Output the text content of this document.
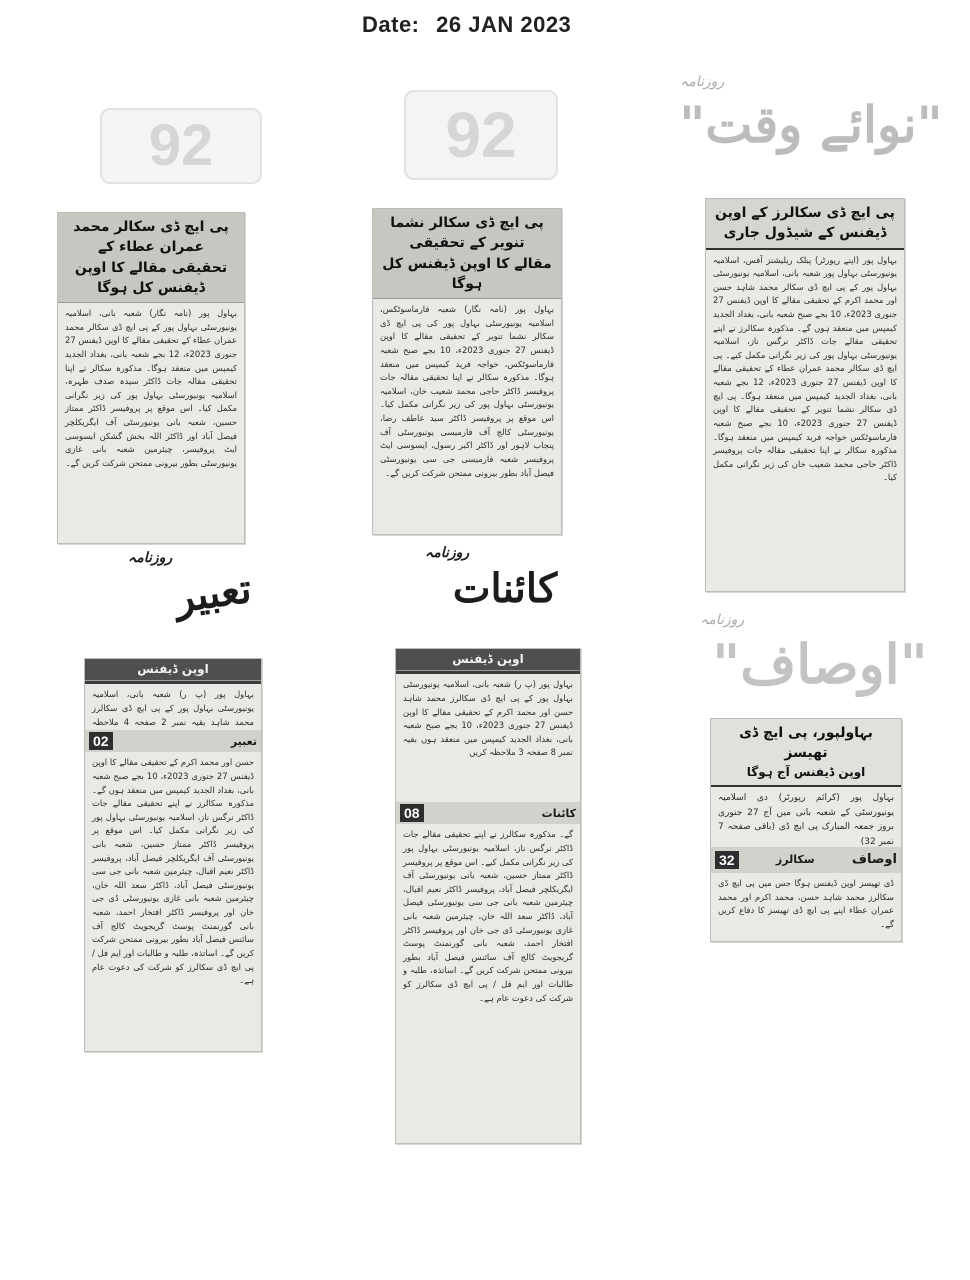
Date: 26 JAN 2023
92	92
روزنامہ
"نوائے وقت"
پی ایچ ڈی سکالر محمد عمران عطاء کے
تحقیقی مقالے کا اوپن ڈیفنس کل ہوگا
بہاول پور (نامہ نگار) شعبہ بانی، اسلامیہ یونیورسٹی بہاول پور کے پی ایچ ڈی سکالر محمد عمران عطاء کے تحقیقی مقالے کا اوپن ڈیفنس 27 جنوری 2023ء، 12 بجے شعبہ بانی، بغداد الجدید کیمپس میں منعقد ہوگا۔ مذکورہ سکالر نے اپنا تحقیقی مقالہ جات ڈاکٹر سیدہ صدف ظہرہ، اسلامیہ یونیورسٹی بہاول پور کی زیر نگرانی مکمل کیا۔ اس موقع پر پروفیسر ڈاکٹر ممتاز حسین، شعبہ بانی یونیورسٹی آف ایگریکلچر فیصل آباد اور ڈاکٹر اللہ بخش گشکن ایسوسی ایٹ پروفیسر، چیئرمین شعبہ بانی غازی یونیورسٹی بطور بیرونی ممتحن شرکت کریں گے۔
پی ایچ ڈی سکالر نشما تنویر کے تحقیقی
مقالے کا اوپن ڈیفنس کل ہوگا
بہاول پور (نامہ نگار) شعبہ فارماسوٹکس، اسلامیہ یونیورسٹی بہاول پور کی پی ایچ ڈی سکالر نشما تنویر کے تحقیقی مقالے کا اوپن ڈیفنس 27 جنوری 2023ء، 10 بجے صبح شعبہ فارماسوٹکس، خواجہ فرید کیمپس میں منعقد ہوگا۔ مذکورہ سکالر نے اپنا تحقیقی مقالہ جات پروفیسر ڈاکٹر حاجی محمد شعیب خان، اسلامیہ یونیورسٹی بہاول پور کی زیر نگرانی مکمل کیا۔ اس موقع پر پروفیسر ڈاکٹر سید عاطف رضا، یونیورسٹی کالج آف فارمیسی یونیورسٹی آف پنجاب لاہور اور ڈاکٹر اکبر رسول، ایسوسی ایٹ پروفیسر شعبہ فارمیسی جی سی یونیورسٹی فیصل آباد بطور بیرونی ممتحن شرکت کریں گے۔
پی ایچ ڈی سکالرز کے اوپن
ڈیفنس کے شیڈول جاری
بہاول پور (اپنے رپورٹر) پبلک ریلیشنز آفس، اسلامیہ یونیورسٹی بہاول پور شعبہ بانی، اسلامیہ یونیورسٹی بہاول پور کے پی ایچ ڈی سکالر محمد شاہد حسن اور محمد اکرم کے تحقیقی مقالے کا اوپن ڈیفنس 27 جنوری 2023ء، 10 بجے صبح شعبہ بانی، بغداد الجدید کیمپس میں منعقد ہوں گے۔ مذکورہ سکالرز نے اپنے تحقیقی مقالے جات ڈاکٹر نرگس ناز، اسلامیہ یونیورسٹی بہاول پور کی زیر نگرانی مکمل کیے۔ پی ایچ ڈی سکالر محمد عمران عطاء کے تحقیقی مقالے کا اوپن ڈیفنس 27 جنوری 2023ء، 12 بجے شعبہ بانی، بغداد الجدید کیمپس میں منعقد ہوگا۔ پی ایچ ڈی سکالر نشما تنویر کے تحقیقی مقالے کا اوپن ڈیفنس 27 جنوری 2023ء، 10 بجے صبح شعبہ فارماسوٹکس خواجہ فرید کیمپس میں منعقد ہوگا۔ مذکورہ سکالر نے اپنا تحقیقی مقالہ جات پروفیسر ڈاکٹر حاجی محمد شعیب خان کی زیر نگرانی مکمل کیا۔
روزنامہ
تعبیر
روزنامہ
کائنات
روزنامہ
"اوصاف"
اوپن ڈیفنس
بہاول پور (پ ر) شعبہ بانی، اسلامیہ یونیورسٹی بہاول پور کے پی ایچ ڈی سکالرز محمد شاہد بقیہ نمبر 2 صفحہ 4 ملاحظہ
02	تعبیر
حسن اور محمد اکرم کے تحقیقی مقالے کا اوپن ڈیفنس 27 جنوری 2023ء، 10 بجے صبح شعبہ بانی، بغداد الجدید کیمپس میں منعقد ہوں گے۔ مذکورہ سکالرز نے اپنے تحقیقی مقالے جات ڈاکٹر نرگس ناز، اسلامیہ یونیورسٹی بہاول پور کی زیر نگرانی مکمل کیا۔ اس موقع پر پروفیسر ڈاکٹر ممتاز حسین، شعبہ بانی یونیورسٹی آف ایگریکلچر فیصل آباد، پروفیسر ڈاکٹر نعیم اقبال، چیئرمین شعبہ بانی جی سی یونیورسٹی فیصل آباد، ڈاکٹر سعد اللہ خان، چیئرمین شعبہ بانی غازی یونیورسٹی ڈی جی خان اور پروفیسر ڈاکٹر افتخار احمد، شعبہ بانی گورنمنٹ پوسٹ گریجویٹ کالج آف سائنس فیصل آباد بطور بیرونی ممتحن شرکت کریں گے۔ اساتذہ، طلبہ و طالبات اور ایم فل / پی ایچ ڈی سکالرز کو شرکت کی دعوت عام ہے۔
اوپن ڈیفنس
بہاول پور (پ ر) شعبہ بانی، اسلامیہ یونیورسٹی بہاول پور کے پی ایچ ڈی سکالرز محمد شاہد حسن اور محمد اکرم کے تحقیقی مقالے کا اوپن ڈیفنس 27 جنوری 2023ء، 10 بجے صبح شعبہ بانی، بغداد الجدید کیمپس میں منعقد ہوں بقیہ نمبر 8 صفحہ 3 ملاحظہ کریں
08	کائنات
گے۔ مذکورہ سکالرز نے اپنے تحقیقی مقالے جات ڈاکٹر نرگس ناز، اسلامیہ یونیورسٹی بہاول پور کی زیر نگرانی مکمل کیے۔ اس موقع پر پروفیسر ڈاکٹر ممتاز حسین، شعبہ بانی یونیورسٹی آف ایگریکلچر فیصل آباد، پروفیسر ڈاکٹر نعیم اقبال، چیئرمین شعبہ بانی جی سی یونیورسٹی فیصل آباد، ڈاکٹر سعد اللہ خان، چیئرمین شعبہ بانی غازی یونیورسٹی ڈی جی خان اور پروفیسر ڈاکٹر افتخار احمد، شعبہ بانی گورنمنٹ پوسٹ گریجویٹ کالج آف سائنس فیصل آباد بطور بیرونی ممتحن شرکت کریں گے۔ اساتذہ، طلبہ و طالبات اور ایم فل / پی ایچ ڈی سکالرز کو شرکت کی دعوت عام ہے۔
بہاولپور، پی ایچ ڈی تھیسز
اوپن ڈیفنس آج ہوگا
بہاول پور (کرائم رپورٹر) دی اسلامیہ یونیورسٹی کے شعبہ بانی میں آج 27 جنوری بروز جمعہ المبارک پی ایچ ڈی (باقی صفحہ 7 نمبر 32)
32	سکالرز	اوصاف
ڈی تھیسز اوپن ڈیفنس ہوگا جس میں پی ایچ ڈی سکالرز محمد شاہد حسن، محمد اکرم اور محمد عمران عطاء اپنے پی ایچ ڈی تھیسز کا دفاع کریں گے۔
